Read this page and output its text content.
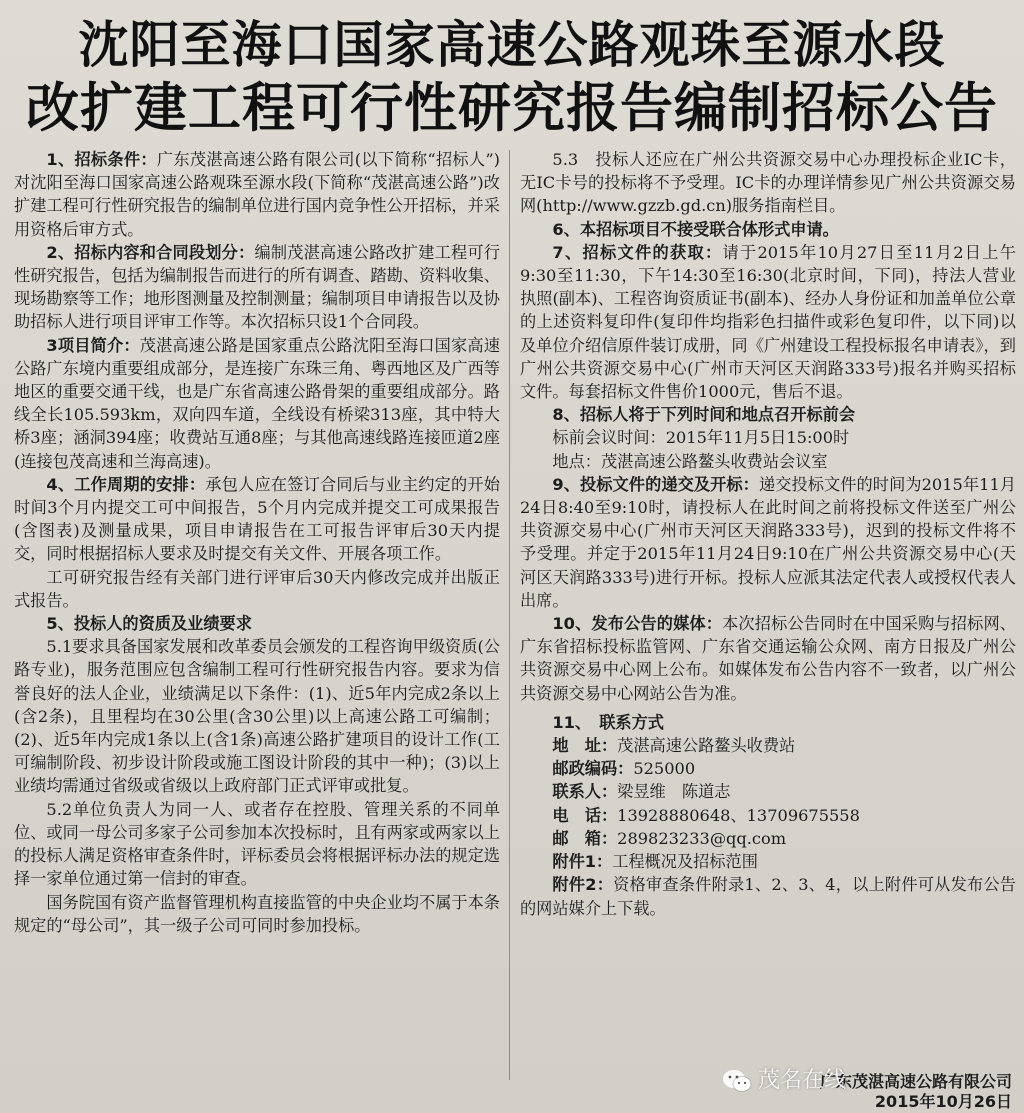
沈阳至海口国家高速公路观珠至源水段
改扩建工程可行性研究报告编制招标公告

1、招标条件：广东茂湛高速公路有限公司(以下简称“招标人”)对沈阳至海口国家高速公路观珠至源水段(下简称“茂湛高速公路”)改扩建工程可行性研究报告的编制单位进行国内竞争性公开招标，并采用资格后审方式。

2、招标内容和合同段划分：编制茂湛高速公路改扩建工程可行性研究报告，包括为编制报告而进行的所有调查、踏勘、资料收集、现场勘察等工作；地形图测量及控制测量；编制项目申请报告以及协助招标人进行项目评审工作等。本次招标只设1个合同段。

3项目简介：茂湛高速公路是国家重点公路沈阳至海口国家高速公路广东境内重要组成部分，是连接广东珠三角、粤西地区及广西等地区的重要交通干线，也是广东省高速公路骨架的重要组成部分。路线全长105.593km，双向四车道，全线设有桥梁313座，其中特大桥3座；涵洞394座；收费站互通8座；与其他高速线路连接匝道2座(连接包茂高速和兰海高速)。

4、工作周期的安排：承包人应在签订合同后与业主约定的开始时间3个月内提交工可中间报告，5个月内完成并提交工可成果报告(含图表)及测量成果，项目申请报告在工可报告评审后30天内提交，同时根据招标人要求及时提交有关文件、开展各项工作。

工可研究报告经有关部门进行评审后30天内修改完成并出版正式报告。

5、投标人的资质及业绩要求

5.1要求具备国家发展和改革委员会颁发的工程咨询甲级资质(公路专业)，服务范围应包含编制工程可行性研究报告内容。要求为信誉良好的法人企业，业绩满足以下条件：(1)、近5年内完成2条以上(含2条)，且里程均在30公里(含30公里)以上高速公路工可编制；(2)、近5年内完成1条以上(含1条)高速公路扩建项目的设计工作(工可编制阶段、初步设计阶段或施工图设计阶段的其中一种)；(3)以上业绩均需通过省级或省级以上政府部门正式评审或批复。

5.2单位负责人为同一人、或者存在控股、管理关系的不同单位、或同一母公司多家子公司参加本次投标时，且有两家或两家以上的投标人满足资格审查条件时，评标委员会将根据评标办法的规定选择一家单位通过第一信封的审查。

国务院国有资产监督管理机构直接监管的中央企业均不属于本条规定的“母公司”，其一级子公司可同时参加投标。

5.3　投标人还应在广州公共资源交易中心办理投标企业IC卡，无IC卡号的投标将不予受理。IC卡的办理详情参见广州公共资源交易网(http://www.gzzb.gd.cn)服务指南栏目。

6、本招标项目不接受联合体形式申请。

7、招标文件的获取：请于2015年10月27日至11月2日上午9:30至11:30，下午14:30至16:30(北京时间，下同)，持法人营业执照(副本)、工程咨询资质证书(副本)、经办人身份证和加盖单位公章的上述资料复印件(复印件均指彩色扫描件或彩色复印件，以下同)以及单位介绍信原件装订成册，同《广州建设工程投标报名申请表》，到广州公共资源交易中心(广州市天河区天润路333号)报名并购买招标文件。每套招标文件售价1000元，售后不退。

8、招标人将于下列时间和地点召开标前会

标前会议时间：2015年11月5日15:00时

地点：茂湛高速公路鳌头收费站会议室

9、投标文件的递交及开标：递交投标文件的时间为2015年11月24日8:40至9:10时，请投标人在此时间之前将投标文件送至广州公共资源交易中心(广州市天河区天润路333号)，迟到的投标文件将不予受理。并定于2015年11月24日9:10在广州公共资源交易中心(天河区天润路333号)进行开标。投标人应派其法定代表人或授权代表人出席。

10、发布公告的媒体：本次招标公告同时在中国采购与招标网、广东省招标投标监管网、广东省交通运输公众网、南方日报及广州公共资源交易中心网上公布。如媒体发布公告内容不一致者，以广州公共资源交易中心网站公告为准。

11、　联系方式

地　址：茂湛高速公路鳌头收费站

邮政编码：525000

联系人：梁昱维　陈道志

电　话：13928880648、13709675558

邮　箱：289823233@qq.com

附件1：工程概况及招标范围

附件2：资格审查条件附录1、2、3、4，以上附件可从发布公告的网站媒介上下载。

广东茂湛高速公路有限公司
2015年10月26日
茂名在线
